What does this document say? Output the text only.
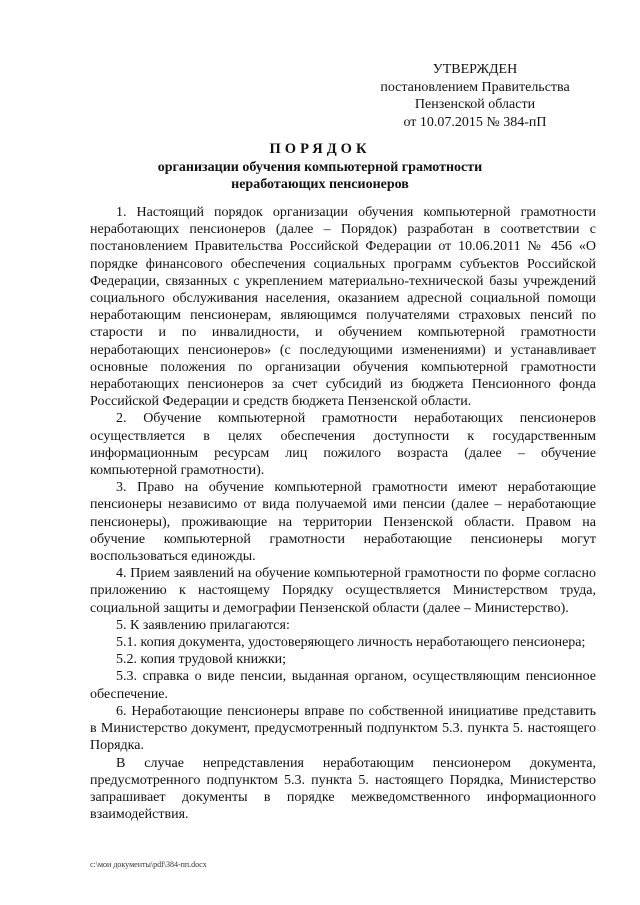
УТВЕРЖДЕН
постановлением Правительства
Пензенской области
от 10.07.2015 № 384-пП
ПОРЯДОК
организации обучения компьютерной грамотности
неработающих пенсионеров

1. Настоящий порядок организации обучения компьютерной грамотности неработающих пенсионеров (далее – Порядок) разработан в соответствии с постановлением Правительства Российской Федерации от 10.06.2011 № 456 «О порядке финансового обеспечения социальных программ субъектов Российской Федерации, связанных с укреплением материально-технической базы учреждений социального обслуживания населения, оказанием адресной социальной помощи неработающим пенсионерам, являющимся получателями страховых пенсий по старости и по инвалидности, и обучением компьютерной грамотности неработающих пенсионеров» (с последующими изменениями) и устанавливает основные положения по организации обучения компьютерной грамотности неработающих пенсионеров за счет субсидий из бюджета Пенсионного фонда Российской Федерации и средств бюджета Пензенской области.

2. Обучение компьютерной грамотности неработающих пенсионеров осуществляется в целях обеспечения доступности к государственным информационным ресурсам лиц пожилого возраста (далее – обучение компьютерной грамотности).

3. Право на обучение компьютерной грамотности имеют неработающие пенсионеры независимо от вида получаемой ими пенсии (далее – неработающие пенсионеры), проживающие на территории Пензенской области. Правом на обучение компьютерной грамотности неработающие пенсионеры могут воспользоваться единожды.

4. Прием заявлений на обучение компьютерной грамотности по форме согласно приложению к настоящему Порядку осуществляется Министерством труда, социальной защиты и демографии Пензенской области (далее – Министерство).

5. К заявлению прилагаются:

5.1. копия документа, удостоверяющего личность неработающего пенсионера;

5.2. копия трудовой книжки;

5.3. справка о виде пенсии, выданная органом, осуществляющим пенсионное обеспечение.

6. Неработающие пенсионеры вправе по собственной инициативе представить в Министерство документ, предусмотренный подпунктом 5.3. пункта 5. настоящего Порядка.

В случае непредставления неработающим пенсионером документа, предусмотренного подпунктом 5.3. пункта 5. настоящего Порядка, Министерство запрашивает документы в порядке межведомственного информационного взаимодействия.

c:\мои документы\pdf\384-пп.docx
